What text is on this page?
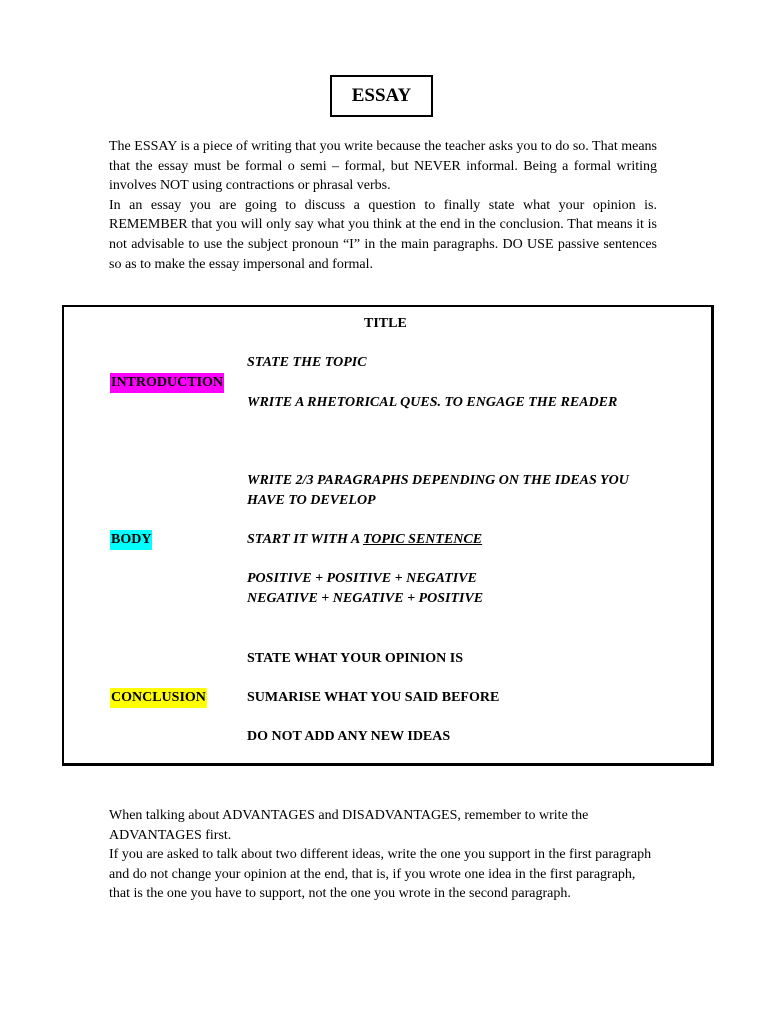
ESSAY

The ESSAY is a piece of writing that you write because the teacher asks you to do so. That means that the essay must be formal o semi – formal, but NEVER informal. Being a formal writing involves NOT using contractions or phrasal verbs.

In an essay you are going to discuss a question to finally state what your opinion is. REMEMBER that you will only say what you think at the end in the conclusion. That means it is not advisable to use the subject pronoun “I” in the main paragraphs. DO USE passive sentences so as to make the essay impersonal and formal.

TITLE
STATE THE TOPIC
INTRODUCTION
WRITE A RHETORICAL QUES. TO ENGAGE THE READER
WRITE 2/3 PARAGRAPHS DEPENDING ON THE IDEAS YOU
HAVE TO DEVELOP
BODY	START IT WITH A TOPIC SENTENCE
POSITIVE + POSITIVE + NEGATIVE
NEGATIVE + NEGATIVE + POSITIVE
STATE WHAT YOUR OPINION IS
CONCLUSION	SUMARISE WHAT YOU SAID BEFORE
DO NOT ADD ANY NEW IDEAS

When talking about ADVANTAGES and DISADVANTAGES, remember to write the ADVANTAGES first.

If you are asked to talk about two different ideas, write the one you support in the first paragraph and do not change your opinion at the end, that is, if you wrote one idea in the first paragraph, that is the one you have to support, not the one you wrote in the second paragraph.
